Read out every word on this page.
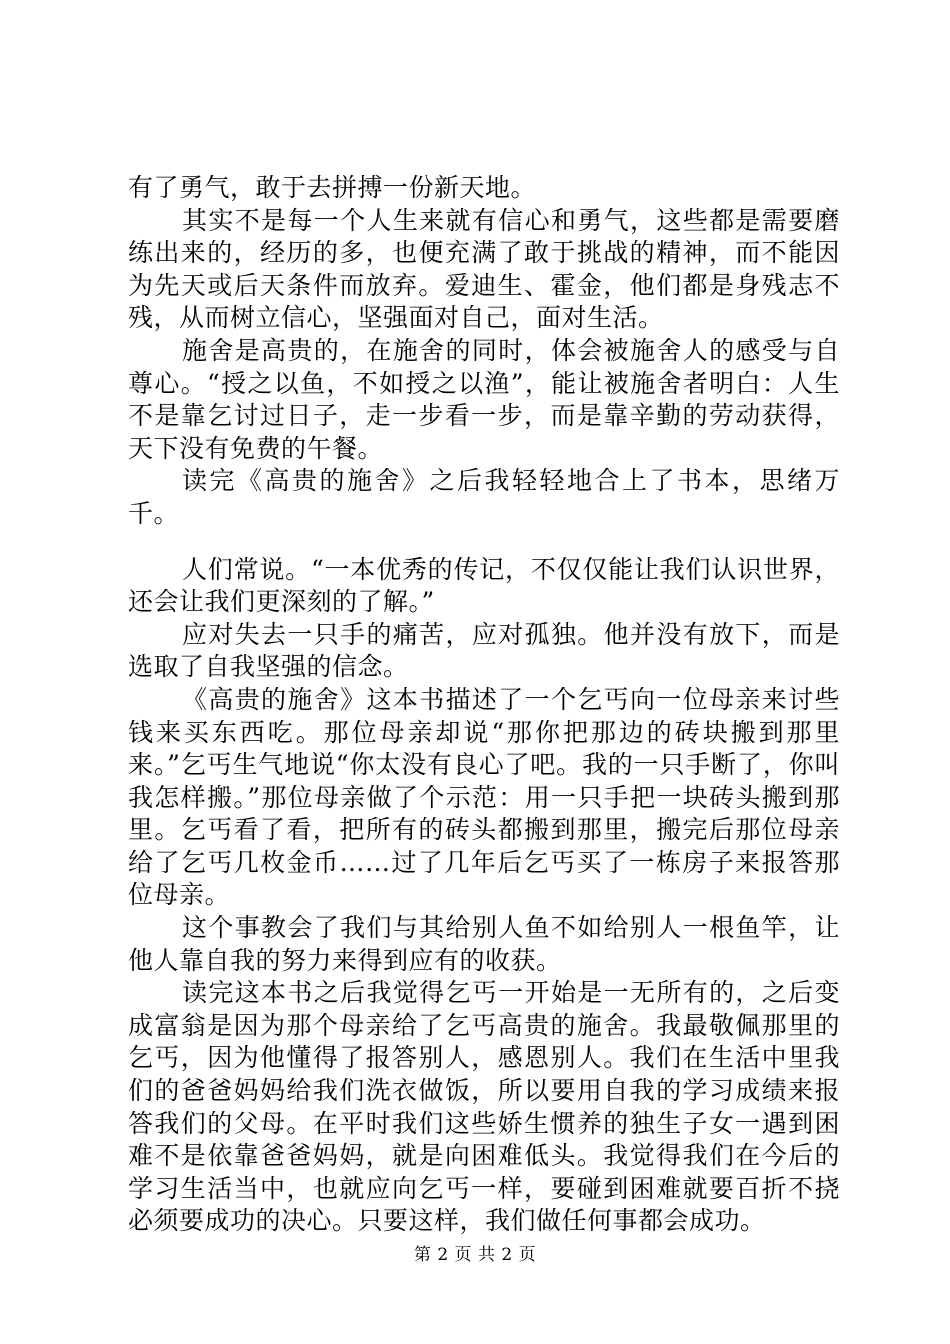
有了勇气，敢于去拼搏一份新天地。

其实不是每一个人生来就有信心和勇气，这些都是需要磨练出来的，经历的多，也便充满了敢于挑战的精神，而不能因为先天或后天条件而放弃。爱迪生、霍金，他们都是身残志不残，从而树立信心，坚强面对自己，面对生活。

施舍是高贵的，在施舍的同时，体会被施舍人的感受与自尊心。“授之以鱼，不如授之以渔”，能让被施舍者明白：人生不是靠乞讨过日子，走一步看一步，而是靠辛勤的劳动获得，天下没有免费的午餐。

读完《高贵的施舍》之后我轻轻地合上了书本，思绪万千。

人们常说。“一本优秀的传记，不仅仅能让我们认识世界，还会让我们更深刻的了解。”

应对失去一只手的痛苦，应对孤独。他并没有放下，而是选取了自我坚强的信念。

《高贵的施舍》这本书描述了一个乞丐向一位母亲来讨些钱来买东西吃。那位母亲却说“那你把那边的砖块搬到那里来。”乞丐生气地说“你太没有良心了吧。我的一只手断了，你叫我怎样搬。”那位母亲做了个示范：用一只手把一块砖头搬到那里。乞丐看了看，把所有的砖头都搬到那里，搬完后那位母亲给了乞丐几枚金币……过了几年后乞丐买了一栋房子来报答那位母亲。

这个事教会了我们与其给别人鱼不如给别人一根鱼竿，让他人靠自我的努力来得到应有的收获。

读完这本书之后我觉得乞丐一开始是一无所有的，之后变成富翁是因为那个母亲给了乞丐高贵的施舍。我最敬佩那里的乞丐，因为他懂得了报答别人，感恩别人。我们在生活中里我们的爸爸妈妈给我们洗衣做饭，所以要用自我的学习成绩来报答我们的父母。在平时我们这些娇生惯养的独生子女一遇到困难不是依靠爸爸妈妈，就是向困难低头。我觉得我们在今后的学习生活当中，也就应向乞丐一样，要碰到困难就要百折不挠必须要成功的决心。只要这样，我们做任何事都会成功。

第 2 页 共 2 页
